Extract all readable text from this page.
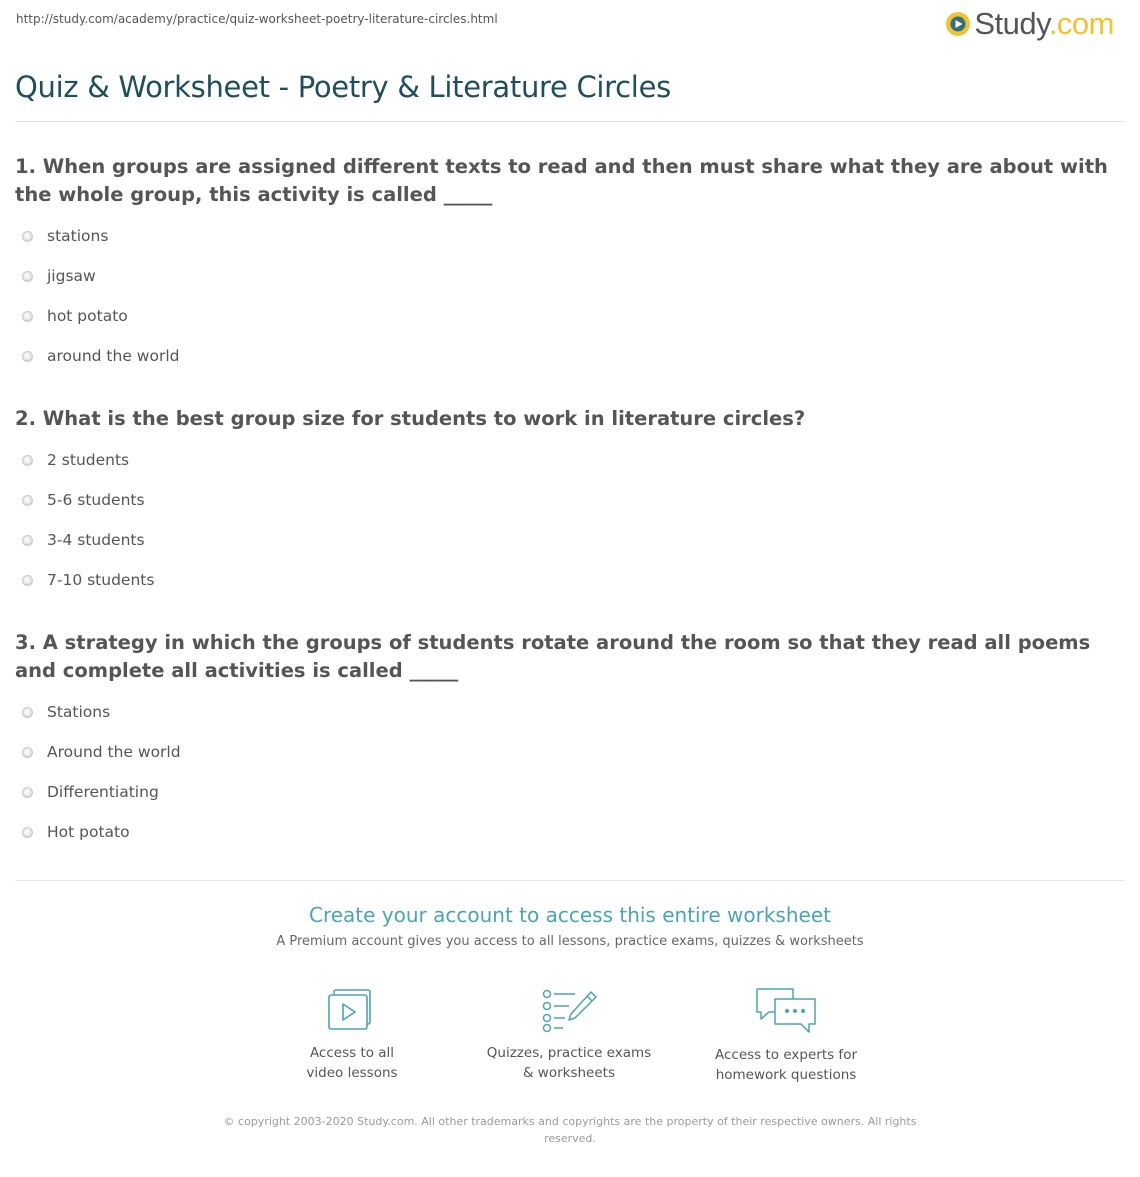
http://study.com/academy/practice/quiz-worksheet-poetry-literature-circles.html	Study.com
Quiz & Worksheet - Poetry & Literature Circles

1. When groups are assigned different texts to read and then must share what they are about with the whole group, this activity is called _____

stations
jigsaw
hot potato
around the world

2. What is the best group size for students to work in literature circles?

2 students
5-6 students
3-4 students
7-10 students

3. A strategy in which the groups of students rotate around the room so that they read all poems and complete all activities is called _____

Stations
Around the world
Differentiating
Hot potato
Create your account to access this entire worksheet
A Premium account gives you access to all lessons, practice exams, quizzes & worksheets
Access to all
video lessons
Quizzes, practice exams
& worksheets
Access to experts for
homework questions
© copyright 2003-2020 Study.com. All other trademarks and copyrights are the property of their respective owners. All rights reserved.
